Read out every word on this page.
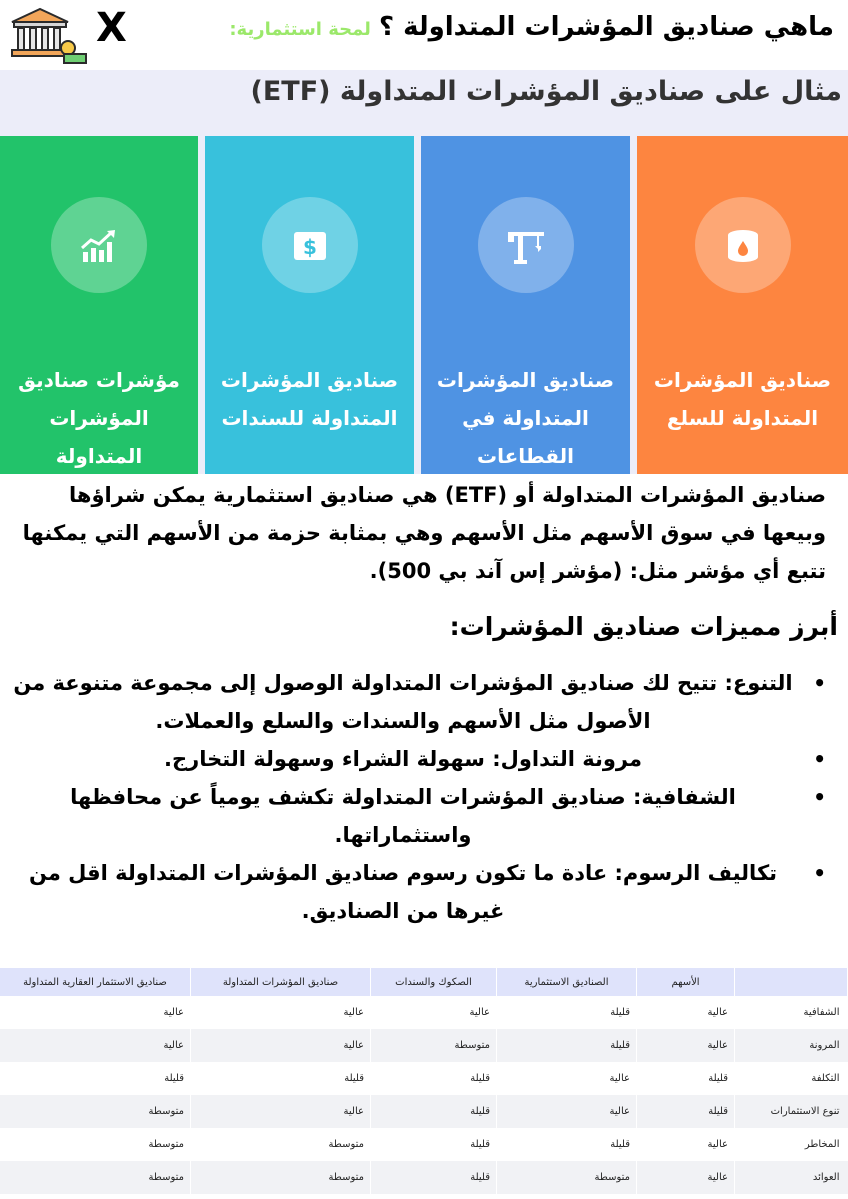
X	ماهي صناديق المؤشرات المتداولة ؟
لمحة استثمارية:
مثال على صناديق المؤشرات المتداولة (ETF)
صناديق المؤشرات
المتداولة للسلع
صناديق المؤشرات
المتداولة في القطاعات
$
صناديق المؤشرات
المتداولة للسندات
مؤشرات صناديق
المؤشرات المتداولة

صناديق المؤشرات المتداولة أو (ETF) هي صناديق استثمارية يمكن شراؤها وبيعها في سوق الأسهم مثل الأسهم وهي بمثابة حزمة من الأسهم التي يمكنها تتبع أي مؤشر مثل: (مؤشر إس آند بي 500).

أبرز مميزات صناديق المؤشرات:
• التنوع: تتيح لك صناديق المؤشرات المتداولة الوصول إلى مجموعة متنوعة من الأصول مثل الأسهم والسندات والسلع والعملات.
• مرونة التداول: سهولة الشراء وسهولة التخارج.
• الشفافية: صناديق المؤشرات المتداولة تكشف يومياً عن محافظها واستثماراتها.
• تكاليف الرسوم: عادة ما تكون رسوم صناديق المؤشرات المتداولة اقل من غيرها من الصناديق.
	الأسهم	الصناديق الاستثمارية	الصكوك والسندات	صناديق المؤشرات المتداولة	صناديق الاستثمار العقارية المتداولة
الشفافية	عالية	قليلة	عالية	عالية	عالية
المرونة	عالية	قليلة	متوسطة	عالية	عالية
التكلفة	قليلة	عالية	قليلة	قليلة	قليلة
تنوع الاستثمارات	قليلة	عالية	قليلة	عالية	متوسطة
المخاطر	عالية	قليلة	قليلة	متوسطة	متوسطة
العوائد	عالية	متوسطة	قليلة	متوسطة	متوسطة
